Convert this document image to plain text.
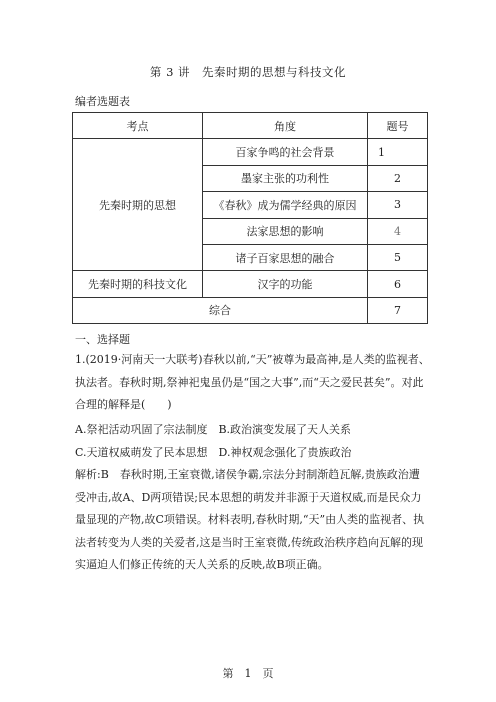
第 3 讲　先秦时期的思想与科技文化
编者选题表
考点	角度	题号
先秦时期的思想	百家争鸣的社会背景	1
	墨家主张的功利性	2
	《春秋》成为儒学经典的原因	3
	法家思想的影响	4
	诸子百家思想的融合	5
先秦时期的科技文化	汉字的功能	6
综合		7
一、选择题

1.(2019·河南天一大联考)春秋以前,“天”被尊为最高神,是人类的监视者、执法者。春秋时期,祭神祀鬼虽仍是“国之大事”,而“天之爱民甚矣”。对此合理的解释是(　　)

A.祭祀活动巩固了宗法制度　B.政治演变发展了天人关系
C.天道权威萌发了民本思想　D.神权观念强化了贵族政治

解析:B　春秋时期,王室衰微,诸侯争霸,宗法分封制渐趋瓦解,贵族政治遭受冲击,故A、D两项错误;民本思想的萌发并非源于天道权威,而是民众力量显现的产物,故C项错误。材料表明,春秋时期,“天”由人类的监视者、执法者转变为人类的关爱者,这是当时王室衰微,传统政治秩序趋向瓦解的现实逼迫人们修正传统的天人关系的反映,故B项正确。

第　1　页
